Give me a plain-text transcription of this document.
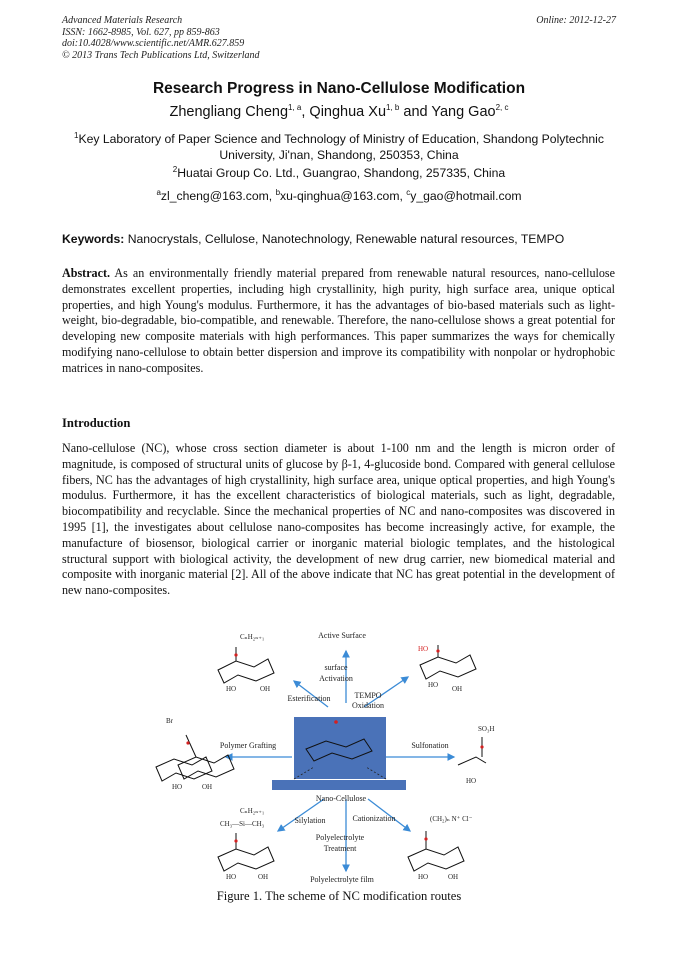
Advanced Materials Research
ISSN: 1662-8985, Vol. 627, pp 859-863
doi:10.4028/www.scientific.net/AMR.627.859
© 2013 Trans Tech Publications Ltd, Switzerland
Online: 2012-12-27
Research Progress in Nano-Cellulose Modification
Zhengliang Cheng$^{1, a}$, Qinghua Xu$^{1, b}$ and Yang Gao$^{2, c}$
$^1$Key Laboratory of Paper Science and Technology of Ministry of Education, Shandong Polytechnic University, Ji'nan, Shandong, 250353, China
$^2$Huatai Group Co. Ltd., Guangrao, Shandong, 257335, China
$^a$zl_cheng@163.com, $^b$xu-qinghua@163.com, $^c$y_gao@hotmail.com
Keywords: Nanocrystals, Cellulose, Nanotechnology, Renewable natural resources, TEMPO
Abstract. As an environmentally friendly material prepared from renewable natural resources, nano-cellulose demonstrates excellent properties, including high crystallinity, high purity, high surface area, unique optical properties, and high Young's modulus. Furthermore, it has the advantages of bio-based materials such as light-weight, bio-degradable, bio-compatible, and renewable. Therefore, the nano-cellulose shows a great potential for developing new composite materials with high performances. This paper summarizes the ways for chemically modifying nano-cellulose to obtain better dispersion and improve its compatibility with nonpolar or hydrophobic matrices in nano-composites.
Introduction
Nano-cellulose (NC), whose cross section diameter is about 1-100 nm and the length is micron order of magnitude, is composed of structural units of glucose by β-1, 4-glucoside bond. Compared with general cellulose fibers, NC has the advantages of high crystallinity, high surface area, unique optical properties, and high Young's modulus. Furthermore, it has the excellent characteristics of biological materials, such as light, degradable, biocompatibility and recyclable. Since the mechanical properties of NC and nano-composites was discovered in 1995 [1], the investigates about cellulose nano-composites has become increasingly active, for example, the manufacture of biosensor, biological carrier or inorganic material biologic templates, and the histological structural support with biological activity, the development of new drug carrier, new biomedical material and composite with inorganic material [2]. All of the above indicate that NC has great potential in the development of new nano-composites.
Active Surface
surface
Activation
Esterification	TEMPO
Oxidation
Polymer Grafting	Sulfonation
Nano-Cellulose
Silylation	Cationization
Polyelectrolyte
Treatment
Polyelectrolyte film
CₙH₂ₙ₊₁
HO	OH
HO
HO OH
Br
HO	OH
SO₃H
HO
CₙH₂ₙ₊₁
CH₃—Si—CH₃
HO	OH
(CH₂)ₙ N⁺ Cl⁻
HO	OH
Figure 1. The scheme of NC modification routes
